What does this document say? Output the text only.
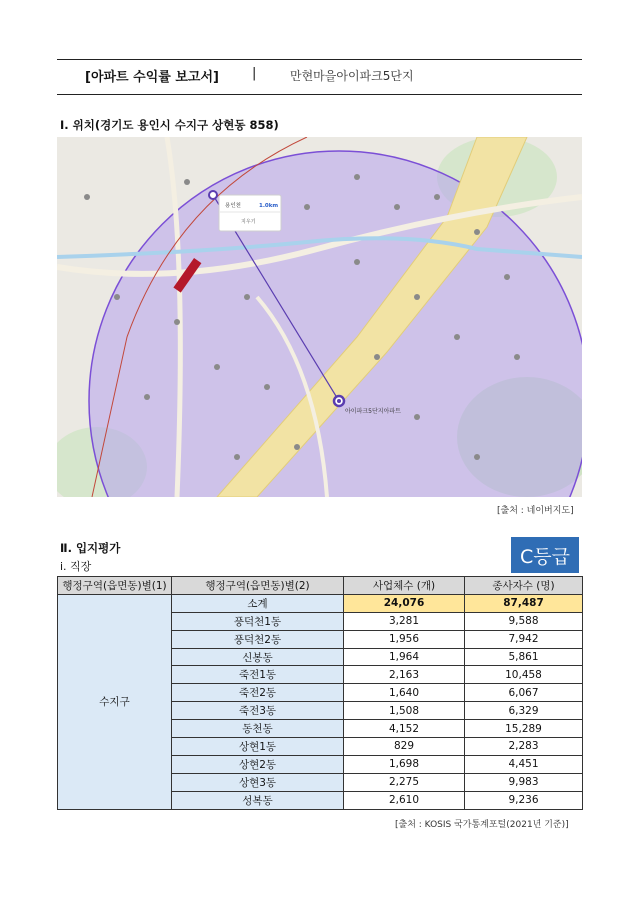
[아파트 수익률 보고서]	|	만현마을아이파크5단지
Ⅰ. 위치(경기도 용인시 수지구 상현동 858)
아이파크5단지아파트
용인천	1.0km
지우기
[출처 : 네이버지도]
Ⅱ. 입지평가	C등급
ⅰ. 직장
행정구역(읍면동)별(1)	행정구역(읍면동)별(2)	사업체수 (개)	종사자수 (명)
수지구	소계	24,076	87,487
	풍덕천1동	3,281	9,588
	풍덕천2동	1,956	7,942
	신봉동	1,964	5,861
	죽전1동	2,163	10,458
	죽전2동	1,640	6,067
	죽전3동	1,508	6,329
	동천동	4,152	15,289
	상현1동	829	2,283
	상현2동	1,698	4,451
	상현3동	2,275	9,983
	성복동	2,610	9,236
[출처 : KOSIS 국가통계포털(2021년 기준)]
